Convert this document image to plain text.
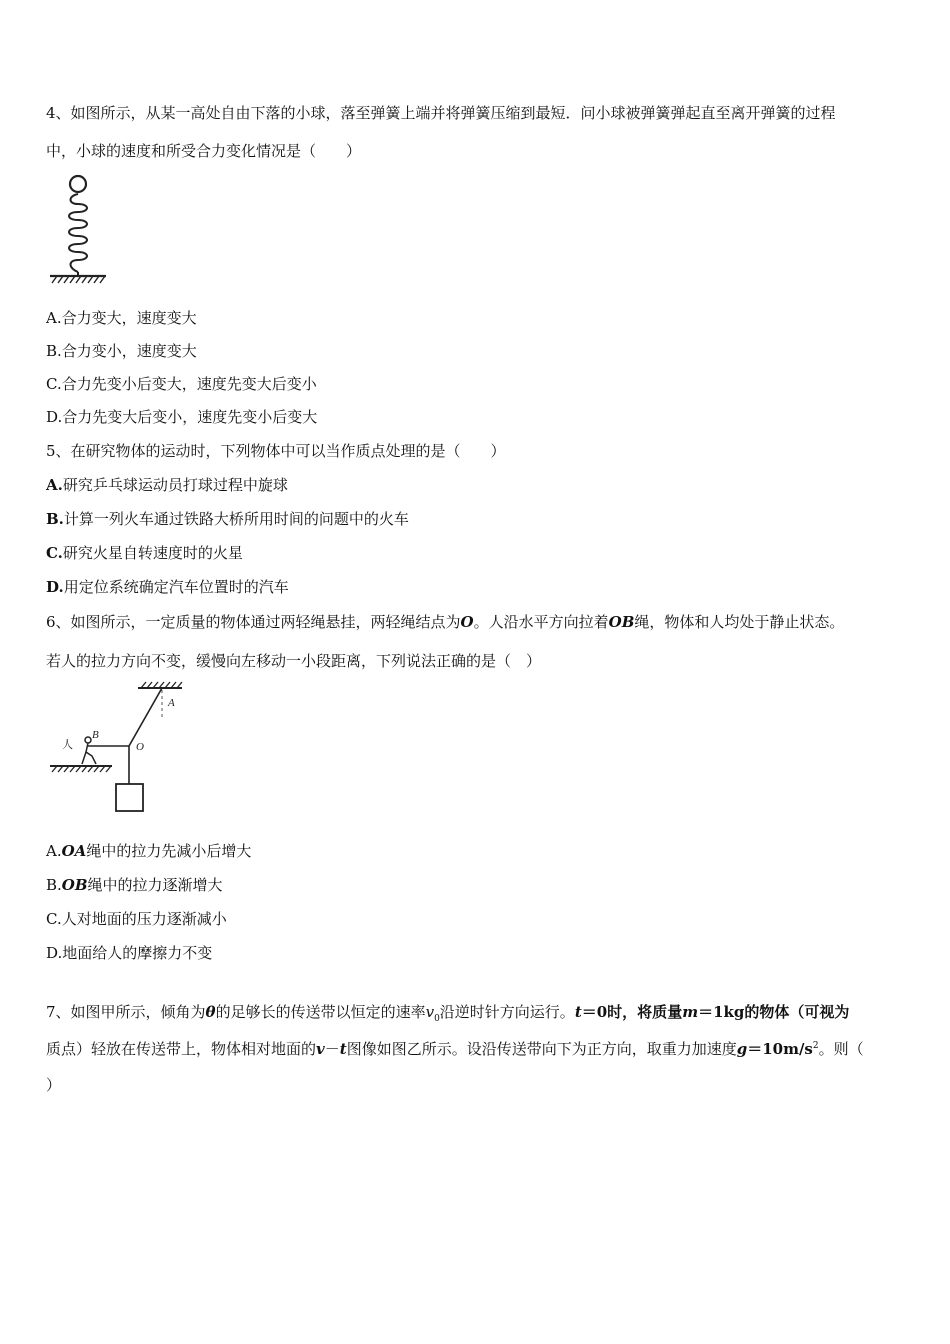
4、如图所示，从某一高处自由下落的小球，落至弹簧上端并将弹簧压缩到最短．问小球被弹簧弹起直至离开弹簧的过程
中，小球的速度和所受合力变化情况是（　　）
A.合力变大，速度变大
B.合力变小，速度变大
C.合力先变小后变大，速度先变大后变小
D.合力先变大后变小，速度先变小后变大
5、在研究物体的运动时，下列物体中可以当作质点处理的是（　　）
A.研究乒乓球运动员打球过程中旋球
B.计算一列火车通过铁路大桥所用时间的问题中的火车
C.研究火星自转速度时的火星
D.用定位系统确定汽车位置时的汽车
6、如图所示，一定质量的物体通过两轻绳悬挂，两轻绳结点为O。人沿水平方向拉着OB绳，物体和人均处于静止状态。
若人的拉力方向不变，缓慢向左移动一小段距离，下列说法正确的是（　）
A
O
B
人
A.OA绳中的拉力先减小后增大
B.OB绳中的拉力逐渐增大
C.人对地面的压力逐渐减小
D.地面给人的摩擦力不变
7、如图甲所示，倾角为θ的足够长的传送带以恒定的速率$v_0$沿逆时针方向运行。t＝0时，将质量m＝1kg的物体（可视为
质点）轻放在传送带上，物体相对地面的v－t图像如图乙所示。设沿传送带向下为正方向，取重力加速度$g=10m/s^2$。则（
）
